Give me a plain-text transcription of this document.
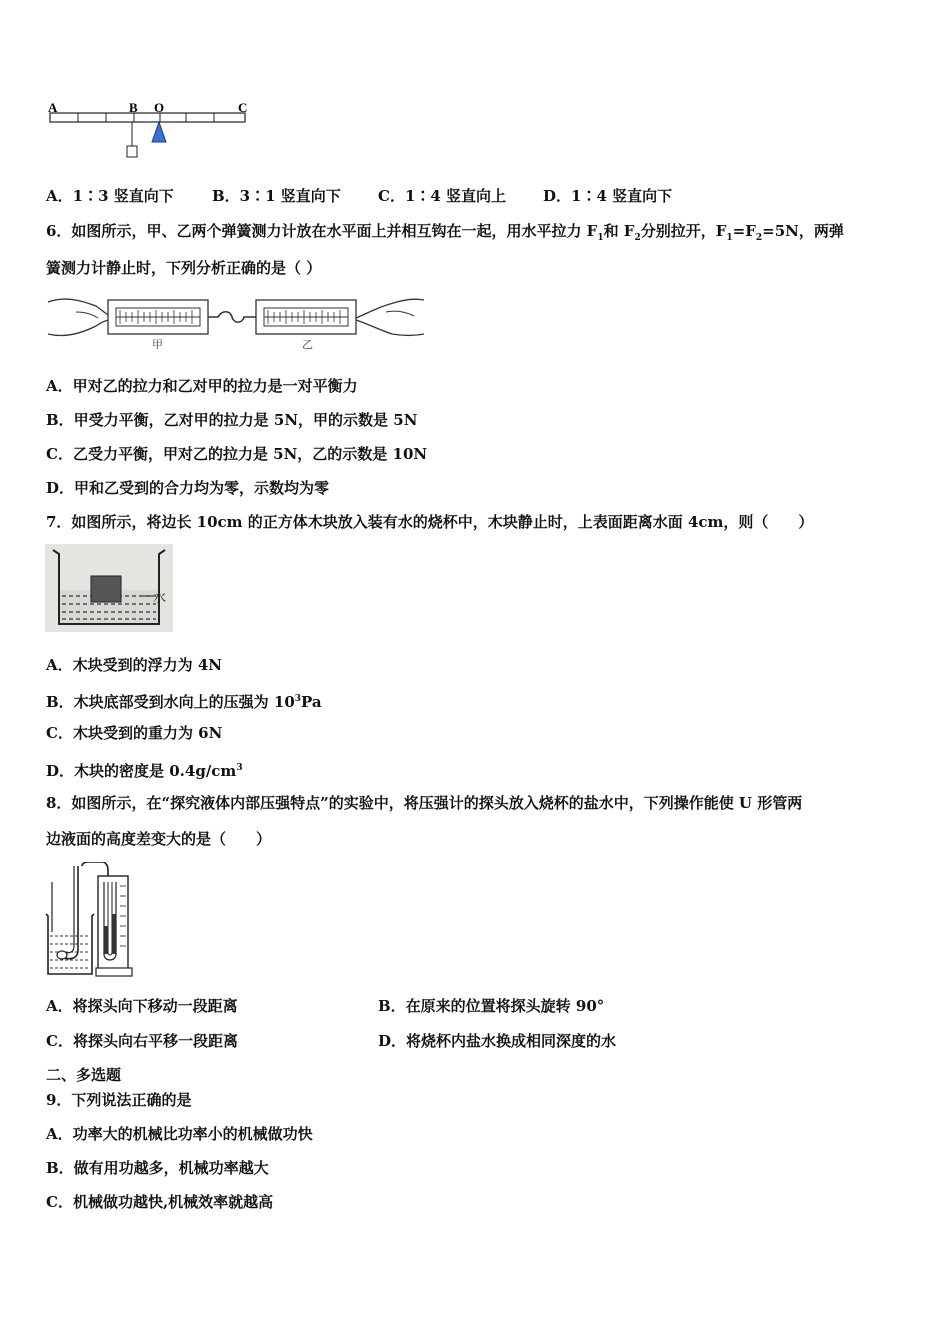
A	B O	C
A．1∶3 竖直向下	B．3∶1 竖直向下 C．1∶4 竖直向上 D．1∶4 竖直向下
6．如图所示，甲、乙两个弹簧测力计放在水平面上并相互钩在一起，用水平拉力 $F_1$和 $F_2$分别拉开，$F_1=F_2=5N$，两弹
簧测力计静止时，下列分析正确的是（ ）
甲	乙
A．甲对乙的拉力和乙对甲的拉力是一对平衡力
B．甲受力平衡，乙对甲的拉力是 5N，甲的示数是 5N
C．乙受力平衡，甲对乙的拉力是 5N，乙的示数是 10N
D．甲和乙受到的合力均为零，示数均为零
7．如图所示，将边长 10cm 的正方体木块放入装有水的烧杯中，木块静止时，上表面距离水面 4cm，则（　　）
水
A．木块受到的浮力为 4N
B．木块底部受到水向上的压强为 $10^3Pa$
C．木块受到的重力为 6N
D．木块的密度是 $0.4g/cm^3$
8．如图所示，在“探究液体内部压强特点”的实验中，将压强计的探头放入烧杯的盐水中，下列操作能使 U 形管两
边液面的高度差变大的是（　　）
A．将探头向下移动一段距离	B．在原来的位置将探头旋转 90°
C．将探头向右平移一段距离	D．将烧杯内盐水换成相同深度的水
二、多选题
9．下列说法正确的是
A．功率大的机械比功率小的机械做功快
B．做有用功越多，机械功率越大
C．机械做功越快,机械效率就越高
